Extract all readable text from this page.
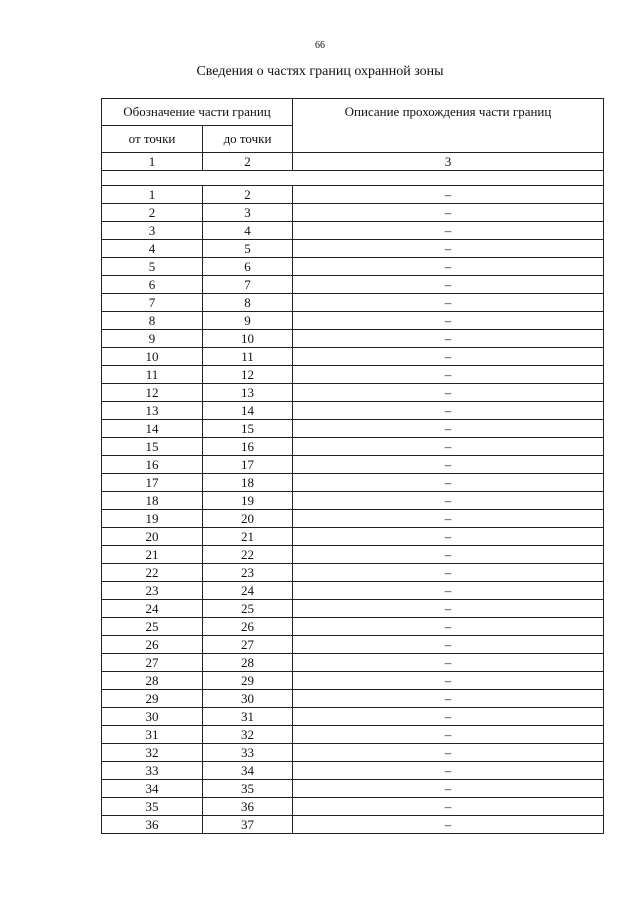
66
Сведения о частях границ охранной зоны
Обозначение части границ		Описание прохождения части границ
от точки	до точки	
1	2	3

1	2	–
2	3	–
3	4	–
4	5	–
5	6	–
6	7	–
7	8	–
8	9	–
9	10	–
10	11	–
11	12	–
12	13	–
13	14	–
14	15	–
15	16	–
16	17	–
17	18	–
18	19	–
19	20	–
20	21	–
21	22	–
22	23	–
23	24	–
24	25	–
25	26	–
26	27	–
27	28	–
28	29	–
29	30	–
30	31	–
31	32	–
32	33	–
33	34	–
34	35	–
35	36	–
36	37	–
